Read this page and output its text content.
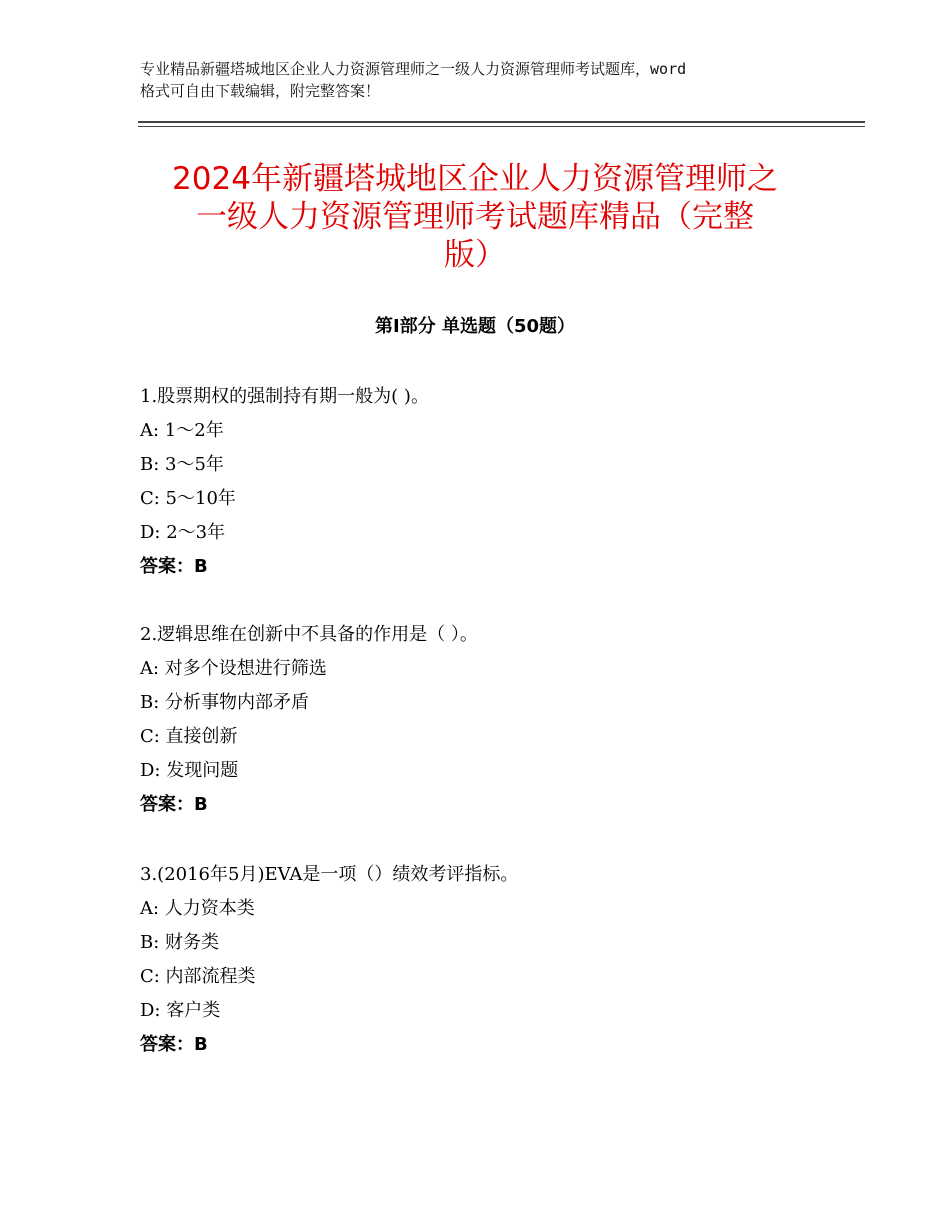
专业精品新疆塔城地区企业人力资源管理师之一级人力资源管理师考试题库，word
格式可自由下载编辑，附完整答案！
2024年新疆塔城地区企业人力资源管理师之
一级人力资源管理师考试题库精品（完整
版）
第Ⅰ部分 单选题（50题）
1.股票期权的强制持有期一般为( )。
A: 1～2年
B: 3～5年
C: 5～10年
D: 2～3年
答案：B
2.逻辑思维在创新中不具备的作用是（ ）。
A: 对多个设想进行筛选
B: 分析事物内部矛盾
C: 直接创新
D: 发现问题
答案：B
3.(2016年5月)EVA是一项（）绩效考评指标。
A: 人力资本类
B: 财务类
C: 内部流程类
D: 客户类
答案：B
